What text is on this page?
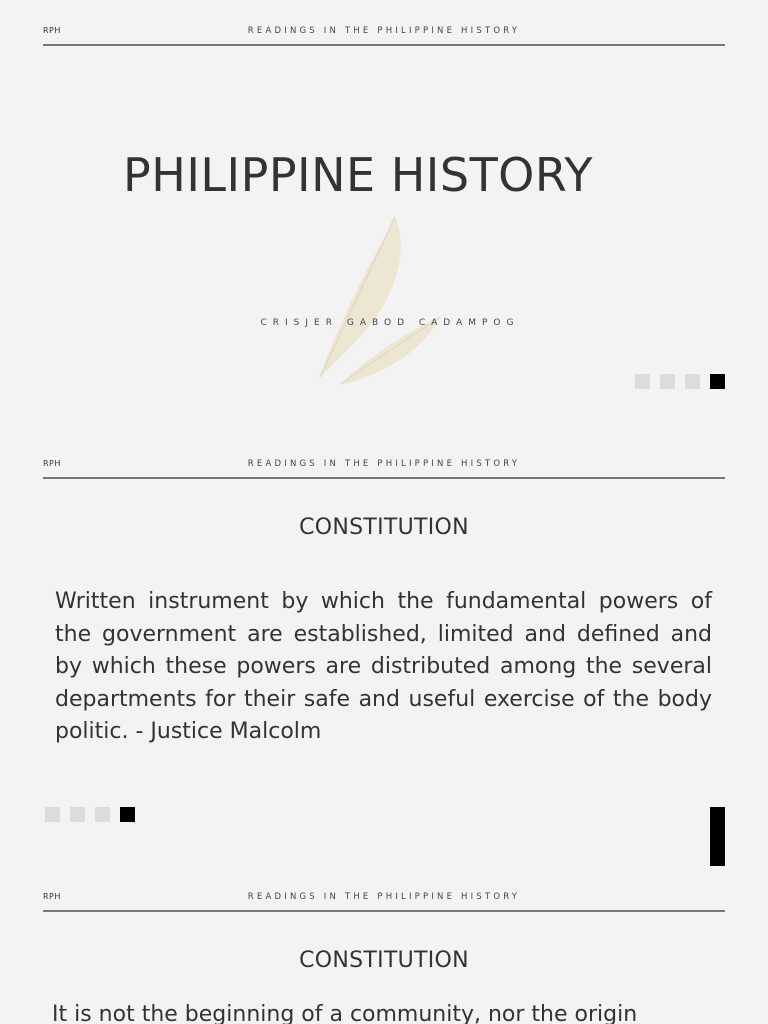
RPH	READINGS IN THE PHILIPPINE HISTORY
PHILIPPINE HISTORY
CRISJER GABOD CADAMPOG
RPH	READINGS IN THE PHILIPPINE HISTORY
CONSTITUTION

Written instrument by which the fundamental powers of the government are established, limited and defined and by which these powers are distributed among the several departments for their safe and useful exercise of the body politic. - Justice Malcolm

RPH	READINGS IN THE PHILIPPINE HISTORY
CONSTITUTION

It is not the beginning of a community, nor the origin
